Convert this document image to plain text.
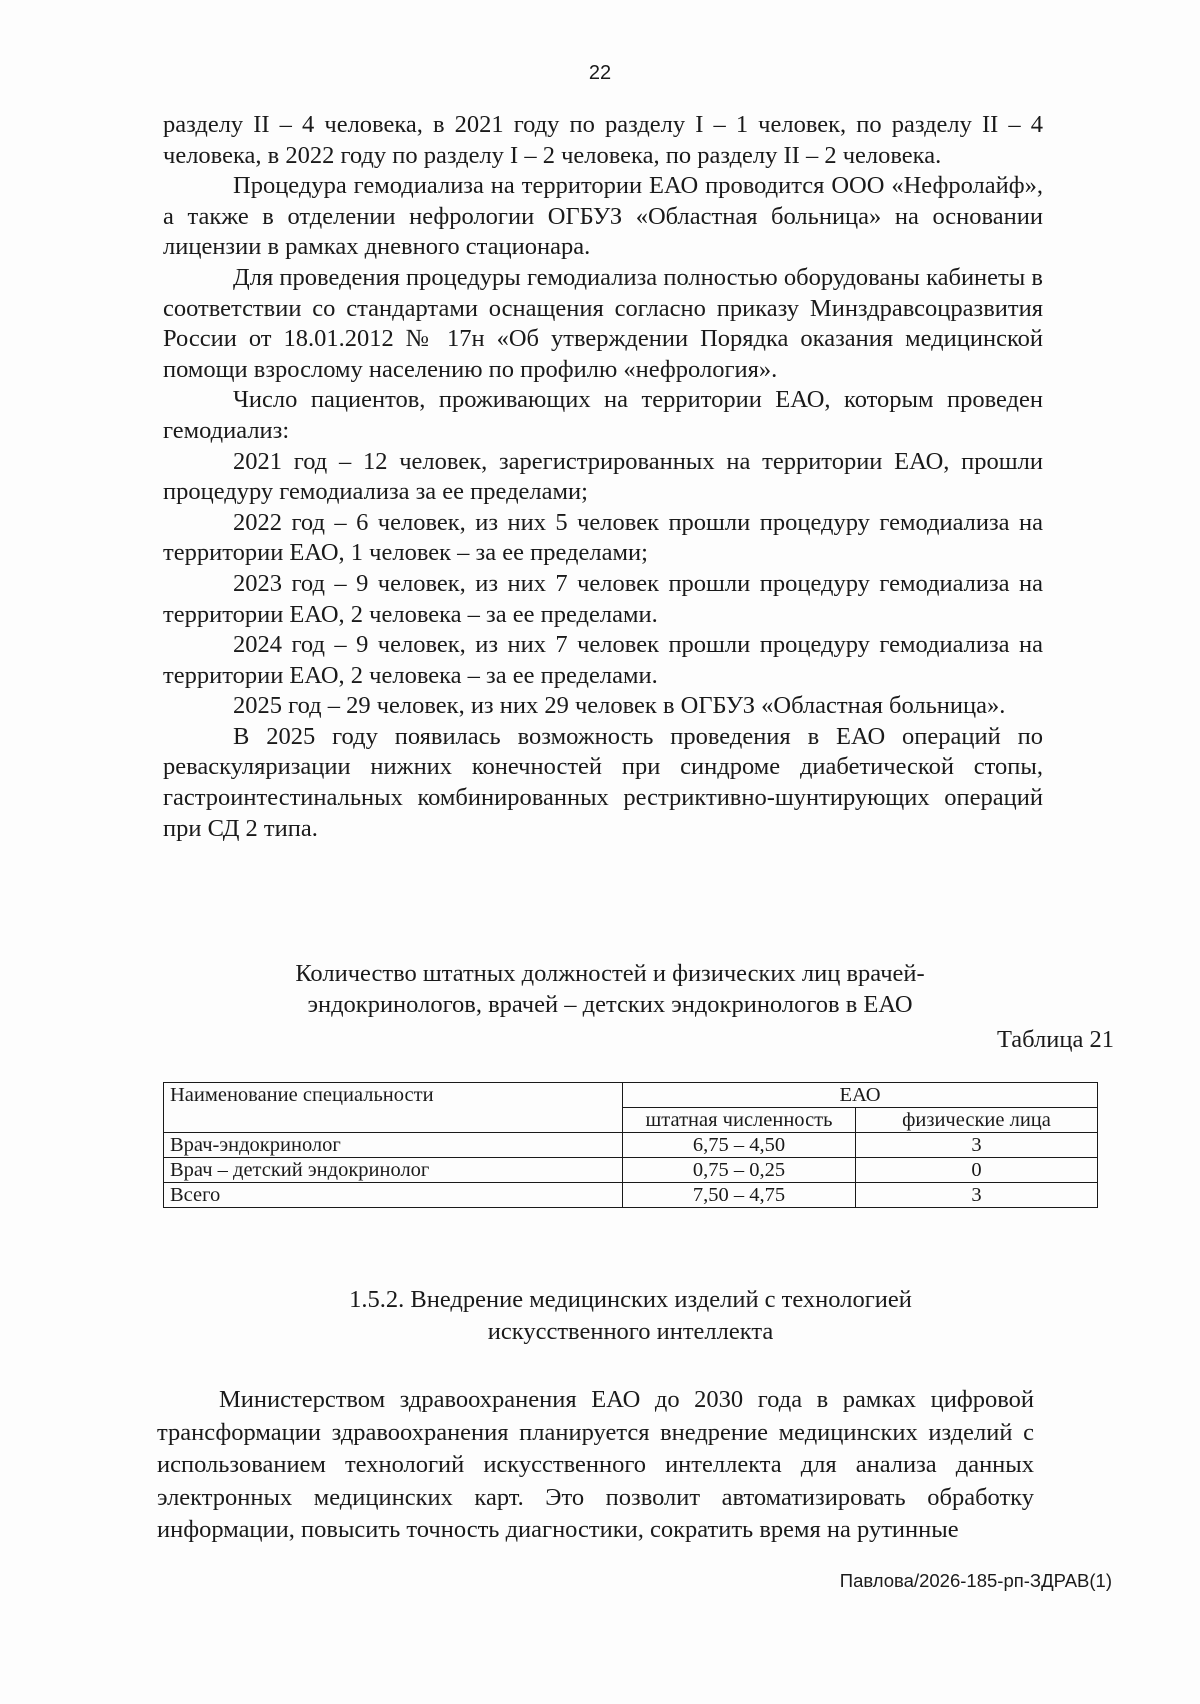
22

разделу II – 4 человека, в 2021 году по разделу I – 1 человек, по разделу II – 4 человека, в 2022 году по разделу I – 2 человека, по разделу II – 2 человека.

Процедура гемодиализа на территории ЕАО проводится ООО «Нефролайф», а также в отделении нефрологии ОГБУЗ «Областная больница» на основании лицензии в рамках дневного стационара.

Для проведения процедуры гемодиализа полностью оборудованы кабинеты в соответствии со стандартами оснащения согласно приказу Минздравсоцразвития России от 18.01.2012 № 17н «Об утверждении Порядка оказания медицинской помощи взрослому населению по профилю «нефрология».

Число пациентов, проживающих на территории ЕАО, которым проведен гемодиализ:

2021 год – 12 человек, зарегистрированных на территории ЕАО, прошли процедуру гемодиализа за ее пределами;

2022 год – 6 человек, из них 5 человек прошли процедуру гемодиализа на территории ЕАО, 1 человек – за ее пределами;

2023 год – 9 человек, из них 7 человек прошли процедуру гемодиализа на территории ЕАО, 2 человека – за ее пределами.

2024 год – 9 человек, из них 7 человек прошли процедуру гемодиализа на территории ЕАО, 2 человека – за ее пределами.

2025 год – 29 человек, из них 29 человек в ОГБУЗ «Областная больница».

В 2025 году появилась возможность проведения в ЕАО операций по реваскуляризации нижних конечностей при синдроме диабетической стопы, гастроинтестинальных комбинированных рестриктивно-шунтирующих операций при СД 2 типа.

Количество штатных должностей и физических лиц врачей-
эндокринологов, врачей – детских эндокринологов в ЕАО
Таблица 21
Наименование специальности	ЕАО	
	штатная численность	физические лица
Врач-эндокринолог	6,75 – 4,50	3
Врач – детский эндокринолог	0,75 – 0,25	0
Всего	7,50 – 4,75	3
1.5.2. Внедрение медицинских изделий с технологией
искусственного интеллекта

Министерством здравоохранения ЕАО до 2030 года в рамках цифровой трансформации здравоохранения планируется внедрение медицинских изделий с использованием технологий искусственного интеллекта для анализа данных электронных медицинских карт. Это позволит автоматизировать обработку информации, повысить точность диагностики, сократить время на рутинные

Павлова/2026-185-рп-ЗДРАВ(1)
